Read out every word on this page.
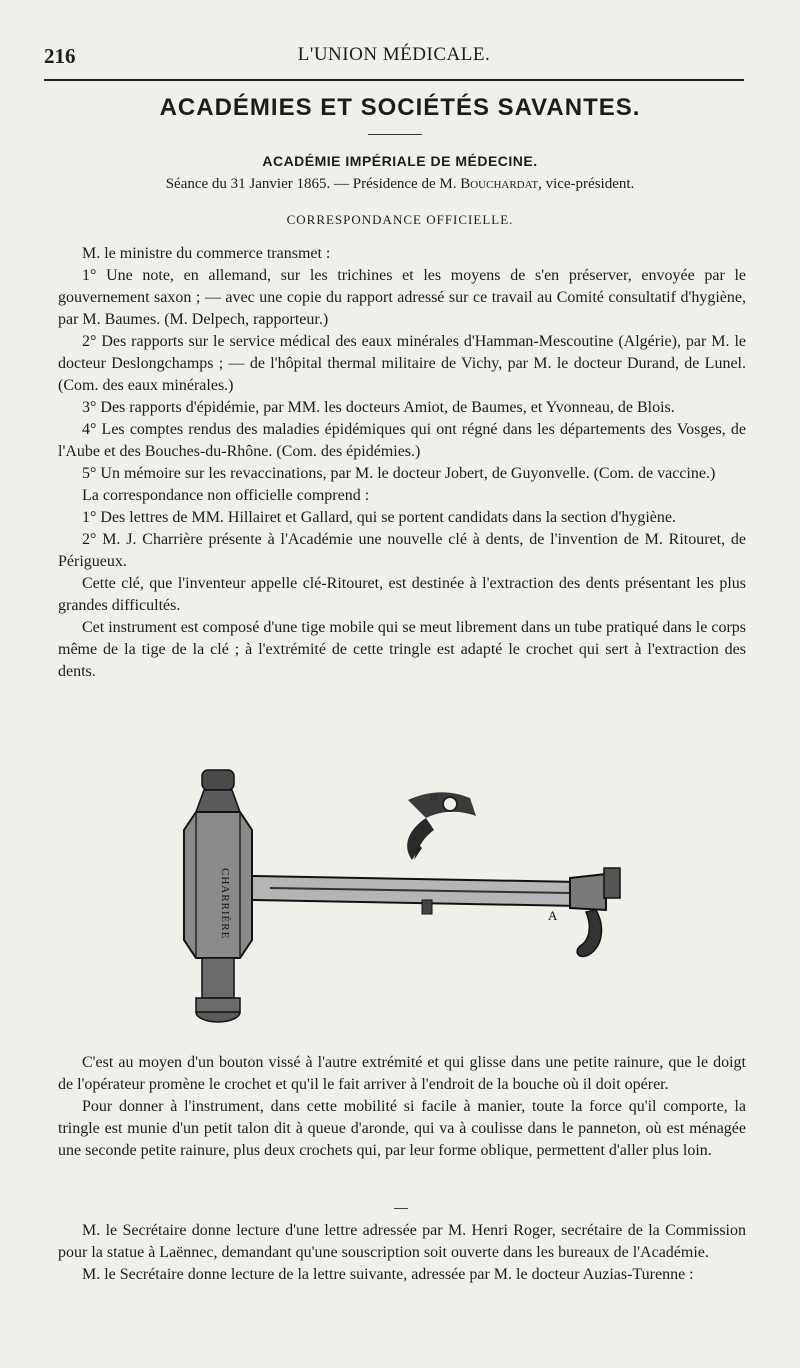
216	L'UNION MÉDICALE.
ACADÉMIES ET SOCIÉTÉS SAVANTES.
ACADÉMIE IMPÉRIALE DE MÉDECINE.
Séance du 31 Janvier 1865. — Présidence de M. Bouchardat, vice-président.
CORRESPONDANCE OFFICIELLE.

M. le ministre du commerce transmet :

1° Une note, en allemand, sur les trichines et les moyens de s'en préserver, envoyée par le gouvernement saxon ; — avec une copie du rapport adressé sur ce travail au Comité consultatif d'hygiène, par M. Baumes. (M. Delpech, rapporteur.)

2° Des rapports sur le service médical des eaux minérales d'Hamman-Mescoutine (Algérie), par M. le docteur Deslongchamps ; — de l'hôpital thermal militaire de Vichy, par M. le docteur Durand, de Lunel. (Com. des eaux minérales.)

3° Des rapports d'épidémie, par MM. les docteurs Amiot, de Baumes, et Yvonneau, de Blois.

4° Les comptes rendus des maladies épidémiques qui ont régné dans les départements des Vosges, de l'Aube et des Bouches-du-Rhône. (Com. des épidémies.)

5° Un mémoire sur les revaccinations, par M. le docteur Jobert, de Guyonvelle. (Com. de vaccine.)

La correspondance non officielle comprend :

1° Des lettres de MM. Hillairet et Gallard, qui se portent candidats dans la section d'hygiène.

2° M. J. Charrière présente à l'Académie une nouvelle clé à dents, de l'invention de M. Ritouret, de Périgueux.

Cette clé, que l'inventeur appelle clé-Ritouret, est destinée à l'extraction des dents présentant les plus grandes difficultés.

Cet instrument est composé d'une tige mobile qui se meut librement dans un tube pratiqué dans le corps même de la tige de la clé ; à l'extrémité de cette tringle est adapté le crochet qui sert à l'extraction des dents.

≈
CHARRIÈRE	A

C'est au moyen d'un bouton vissé à l'autre extrémité et qui glisse dans une petite rainure, que le doigt de l'opérateur promène le crochet et qu'il le fait arriver à l'endroit de la bouche où il doit opérer.

Pour donner à l'instrument, dans cette mobilité si facile à manier, toute la force qu'il comporte, la tringle est munie d'un petit talon dit à queue d'aronde, qui va à coulisse dans le panneton, où est ménagée une seconde petite rainure, plus deux crochets qui, par leur forme oblique, permettent d'aller plus loin.

M. le Secrétaire donne lecture d'une lettre adressée par M. Henri Roger, secrétaire de la Commission pour la statue à Laënnec, demandant qu'une souscription soit ouverte dans les bureaux de l'Académie.

M. le Secrétaire donne lecture de la lettre suivante, adressée par M. le docteur Auzias-Turenne :
